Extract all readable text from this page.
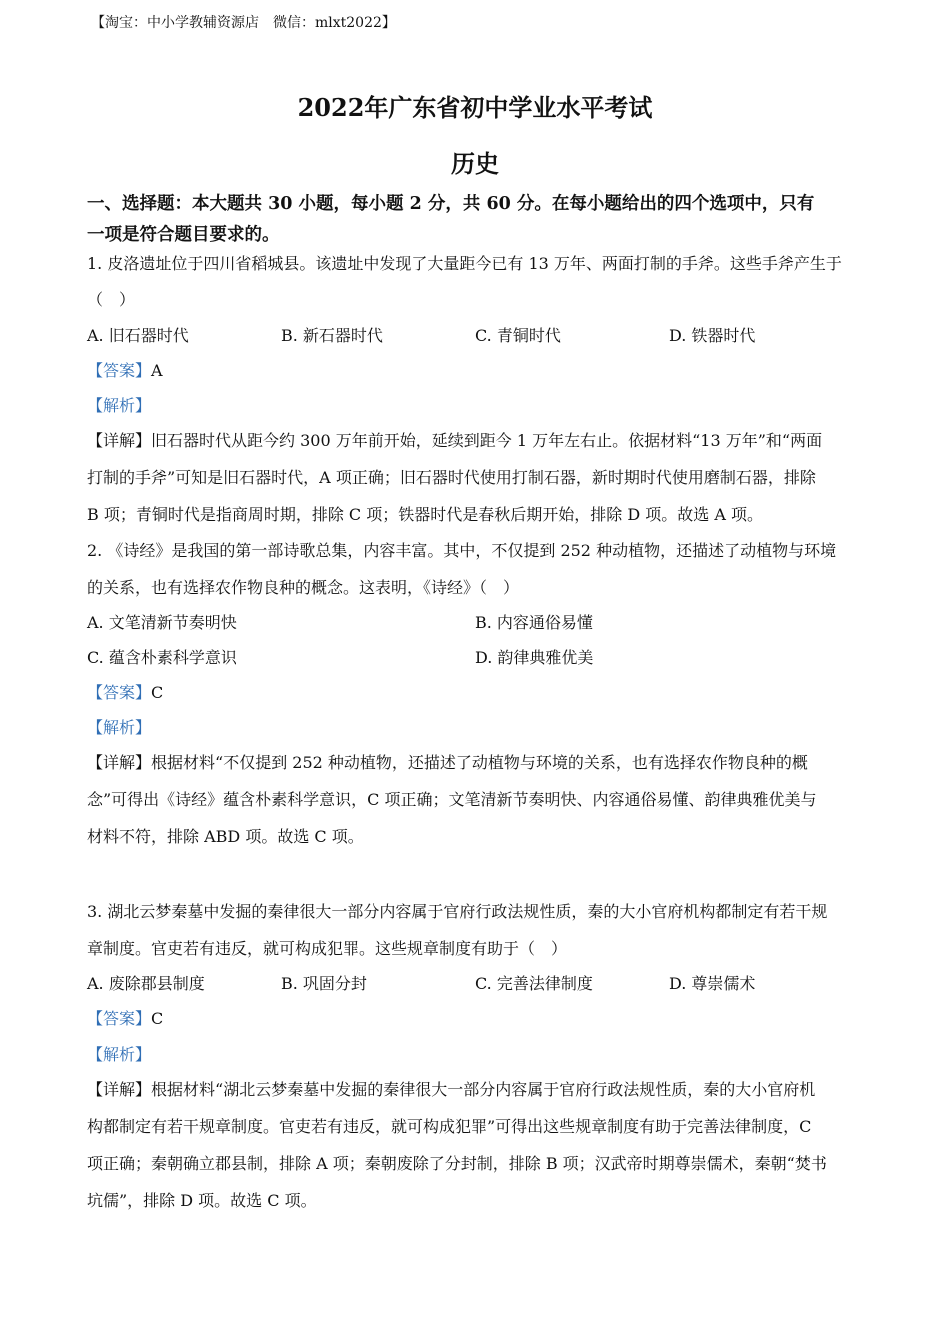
【淘宝：中小学教辅资源店　微信：mlxt2022】
2022年广东省初中学业水平考试
历史
一、选择题：本大题共 30 小题，每小题 2 分，共 60 分。在每小题给出的四个选项中，只有
一项是符合题目要求的。
1. 皮洛遗址位于四川省稻城县。该遗址中发现了大量距今已有 13 万年、两面打制的手斧。这些手斧产生于
（　）
A. 旧石器时代	B. 新石器时代	C. 青铜时代	D. 铁器时代
【答案】A
【解析】
【详解】旧石器时代从距今约 300 万年前开始，延续到距今 1 万年左右止。依据材料“13 万年”和“两面
打制的手斧”可知是旧石器时代，A 项正确；旧石器时代使用打制石器，新时期时代使用磨制石器，排除
B 项；青铜时代是指商周时期，排除 C 项；铁器时代是春秋后期开始，排除 D 项。故选 A 项。
2. 《诗经》是我国的第一部诗歌总集，内容丰富。其中，不仅提到 252 种动植物，还描述了动植物与环境
的关系，也有选择农作物良种的概念。这表明，《诗经》（　）
A. 文笔清新节奏明快	B. 内容通俗易懂
C. 蕴含朴素科学意识	D. 韵律典雅优美
【答案】C
【解析】
【详解】根据材料“不仅提到 252 种动植物，还描述了动植物与环境的关系，也有选择农作物良种的概
念”可得出《诗经》蕴含朴素科学意识，C 项正确；文笔清新节奏明快、内容通俗易懂、韵律典雅优美与
材料不符，排除 ABD 项。故选 C 项。
3. 湖北云梦秦墓中发掘的秦律很大一部分内容属于官府行政法规性质，秦的大小官府机构都制定有若干规
章制度。官吏若有违反，就可构成犯罪。这些规章制度有助于（　）
A. 废除郡县制度	B. 巩固分封	C. 完善法律制度	D. 尊崇儒术
【答案】C
【解析】
【详解】根据材料“湖北云梦秦墓中发掘的秦律很大一部分内容属于官府行政法规性质，秦的大小官府机
构都制定有若干规章制度。官吏若有违反，就可构成犯罪”可得出这些规章制度有助于完善法律制度，C
项正确；秦朝确立郡县制，排除 A 项；秦朝废除了分封制，排除 B 项；汉武帝时期尊崇儒术，秦朝“焚书
坑儒”，排除 D 项。故选 C 项。
